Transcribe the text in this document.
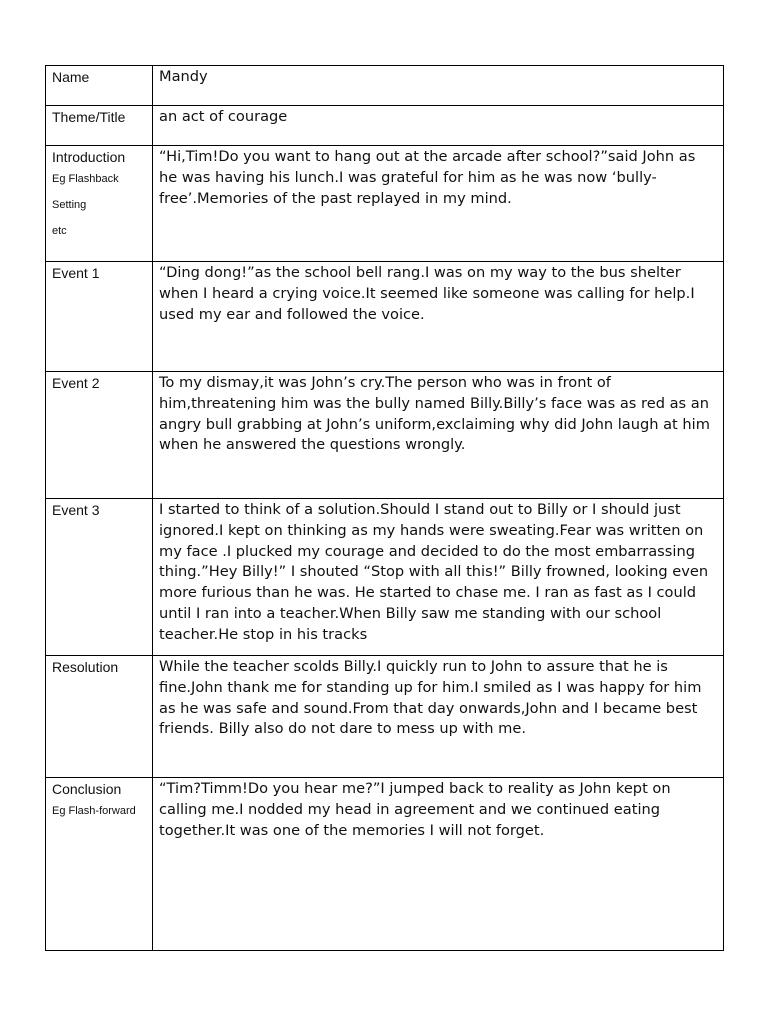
Name	Mandy

Theme/Title	an act of courage

Introduction
Eg Flashback
Setting
etc	“Hi,Tim!Do you want to hang out at the arcade after school?”said John as he was having his lunch.I was grateful for him as he was now ‘bully-free’.Memories of the past replayed in my mind.

Event 1	“Ding dong!”as the school bell rang.I was on my way to the bus shelter when I heard a crying voice.It seemed like someone was calling for help.I used my ear and followed the voice.

Event 2	To my dismay,it was John’s cry.The person who was in front of him,threatening him was the bully named Billy.Billy’s face was as red as an angry bull grabbing at John’s uniform,exclaiming why did John laugh at him when he answered the questions wrongly.

Event 3	I started to think of a solution.Should I stand out to Billy or I should just ignored.I kept on thinking as my hands were sweating.Fear was written on my face .I plucked my courage and decided to do the most embarrassing thing.”Hey Billy!” I shouted “Stop with all this!” Billy frowned, looking even more furious than he was. He started to chase me. I ran as fast as I could until I ran into a teacher.When Billy saw me standing with our school teacher.He stop in his tracks

Resolution	While the teacher scolds Billy.I quickly run to John to assure that he is fine.John thank me for standing up for him.I smiled as I was happy for him as he was safe and sound.From that day onwards,John and I became best friends. Billy also do not dare to mess up with me.

Conclusion
Eg Flash-forward	“Tim?Timm!Do you hear me?”I jumped back to reality as John kept on calling me.I nodded my head in agreement and we continued eating together.It was one of the memories I will not forget.
